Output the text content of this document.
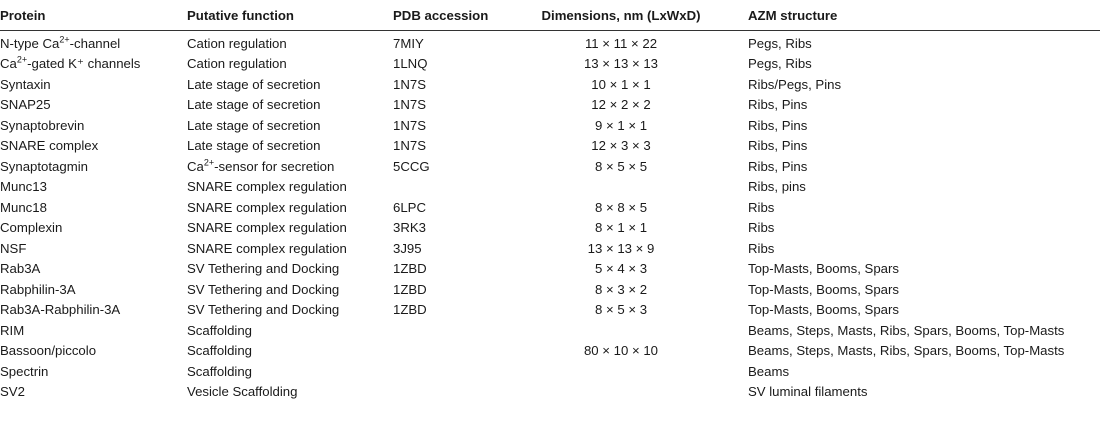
Protein	Putative function	PDB accession	Dimensions, nm (LxWxD)	AZM structure
N-type $Ca^{2+}$-channel	Cation regulation	7MIY	11 × 11 × 22	Pegs, Ribs
$Ca^{2+}$-gated K⁺ channels	Cation regulation	1LNQ	13 × 13 × 13	Pegs, Ribs
Syntaxin	Late stage of secretion	1N7S	10 × 1 × 1	Ribs/Pegs, Pins
SNAP25	Late stage of secretion	1N7S	12 × 2 × 2	Ribs, Pins
Synaptobrevin	Late stage of secretion	1N7S	9 × 1 × 1	Ribs, Pins
SNARE complex	Late stage of secretion	1N7S	12 × 3 × 3	Ribs, Pins
Synaptotagmin	$Ca^{2+}$-sensor for secretion	5CCG	8 × 5 × 5	Ribs, Pins
Munc13	SNARE complex regulation			Ribs, pins
Munc18	SNARE complex regulation	6LPC	8 × 8 × 5	Ribs
Complexin	SNARE complex regulation	3RK3	8 × 1 × 1	Ribs
NSF	SNARE complex regulation	3J95	13 × 13 × 9	Ribs
Rab3A	SV Tethering and Docking	1ZBD	5 × 4 × 3	Top-Masts, Booms, Spars
Rabphilin-3A	SV Tethering and Docking	1ZBD	8 × 3 × 2	Top-Masts, Booms, Spars
Rab3A-Rabphilin-3A	SV Tethering and Docking	1ZBD	8 × 5 × 3	Top-Masts, Booms, Spars
RIM	Scaffolding			Beams, Steps, Masts, Ribs, Spars, Booms, Top-Masts
Bassoon/piccolo	Scaffolding		80 × 10 × 10	Beams, Steps, Masts, Ribs, Spars, Booms, Top-Masts
Spectrin	Scaffolding			Beams
SV2	Vesicle Scaffolding			SV luminal filaments
